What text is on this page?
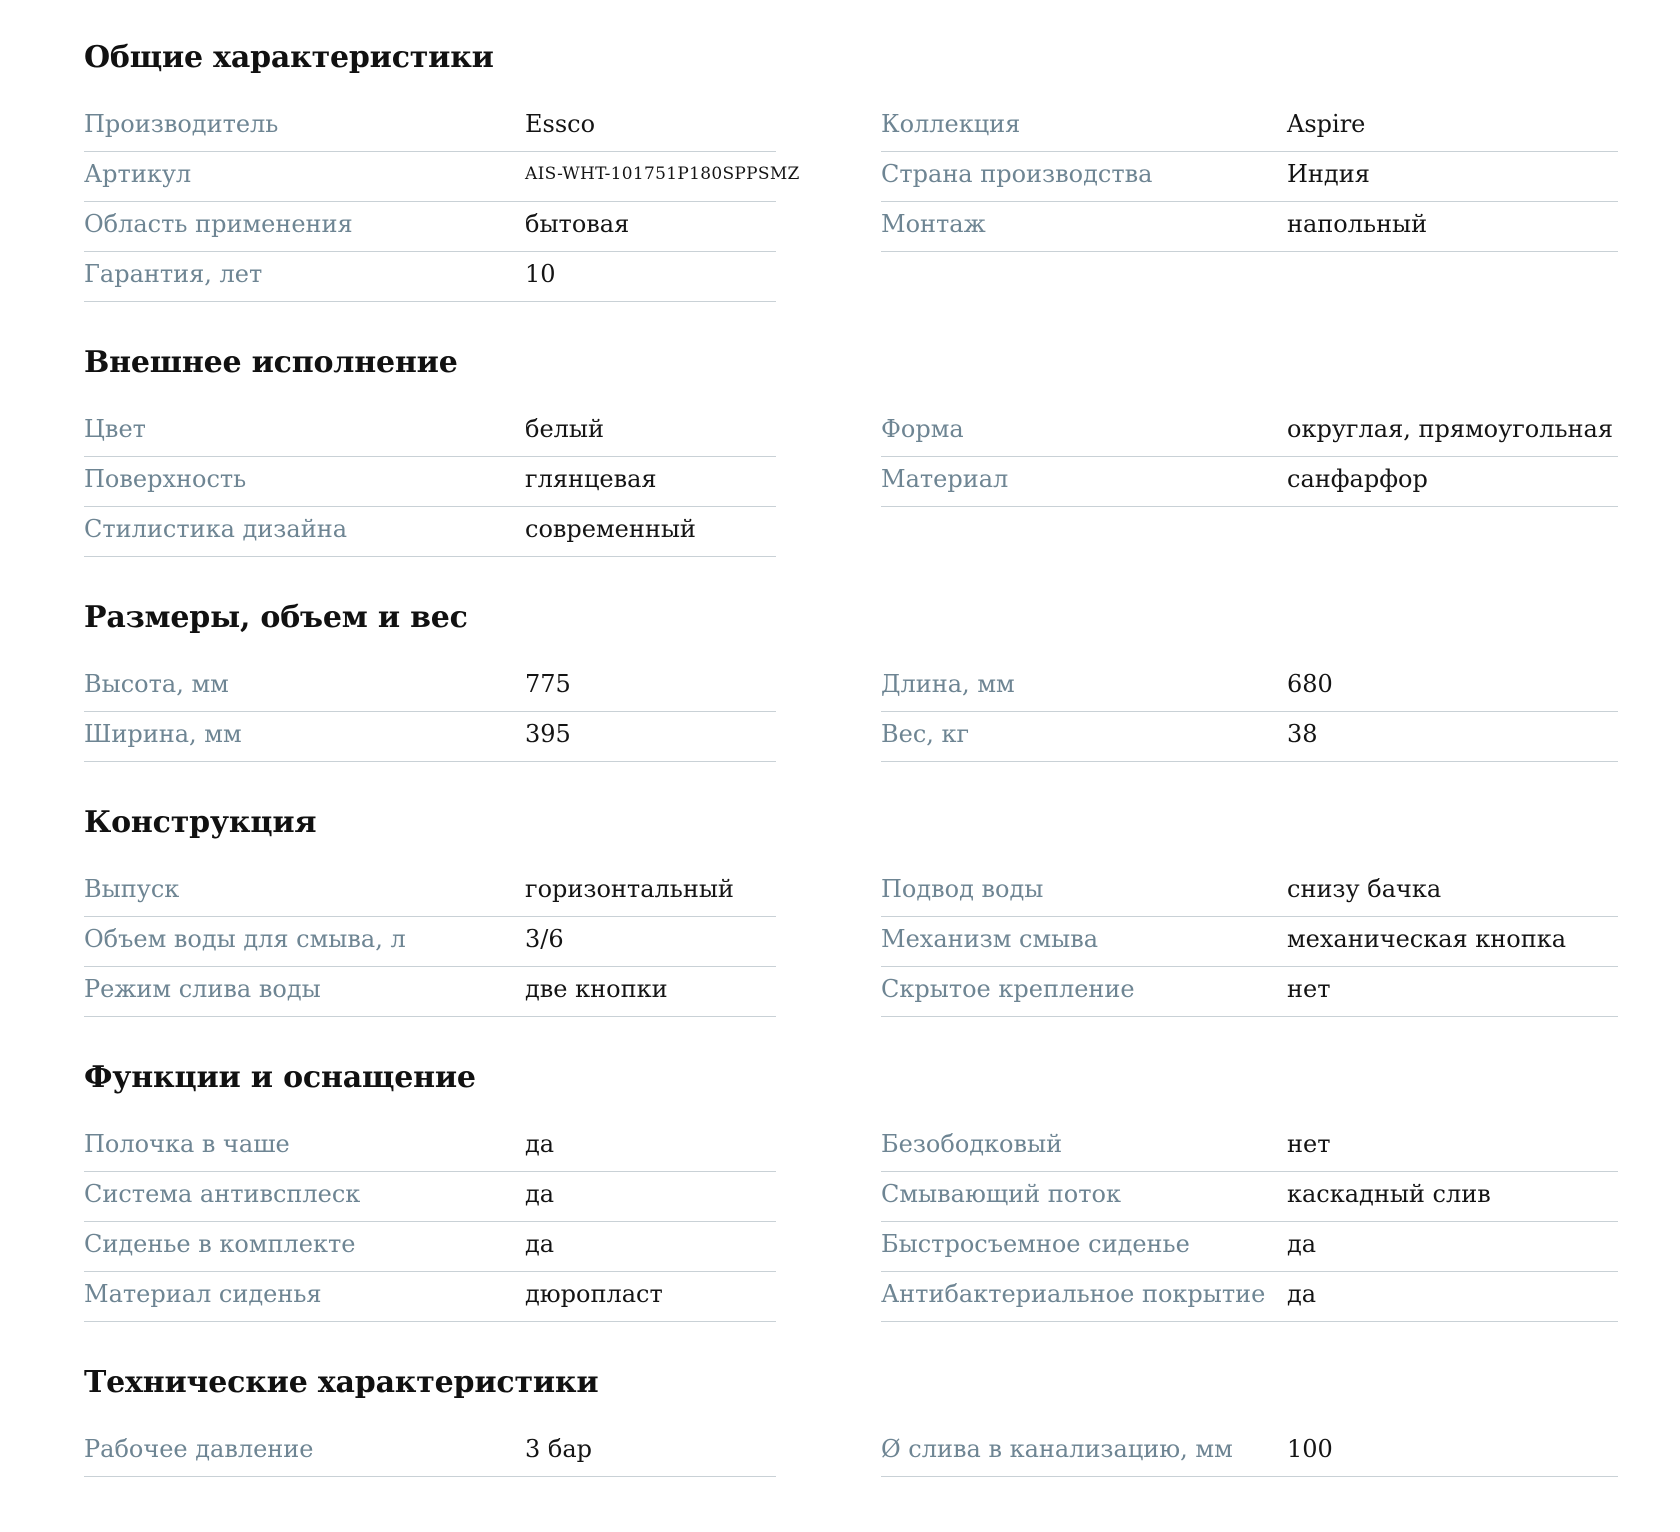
Общие характеристики
Производитель	Essco
Артикул	AIS-WHT-101751P180SPPSMZ
Область применения	бытовая
Гарантия, лет	10
Коллекция	Aspire
Страна производства	Индия
Монтаж	напольный
Внешнее исполнение
Цвет	белый
Поверхность	глянцевая
Стилистика дизайна	современный
Форма	округлая, прямоугольная
Материал	санфарфор
Размеры, объем и вес
Высота, мм	775
Ширина, мм	395
Длина, мм	680
Вес, кг	38
Конструкция
Выпуск	горизонтальный
Объем воды для смыва, л	3/6
Режим слива воды	две кнопки
Подвод воды	снизу бачка
Механизм смыва	механическая кнопка
Скрытое крепление	нет
Функции и оснащение
Полочка в чаше	да
Система антивсплеск	да
Сиденье в комплекте	да
Материал сиденья	дюропласт
Безободковый	нет
Смывающий поток	каскадный слив
Быстросъемное сиденье	да
Антибактериальное покрытие да
Технические характеристики
Рабочее давление	3 бар	Ø слива в канализацию, мм 100
